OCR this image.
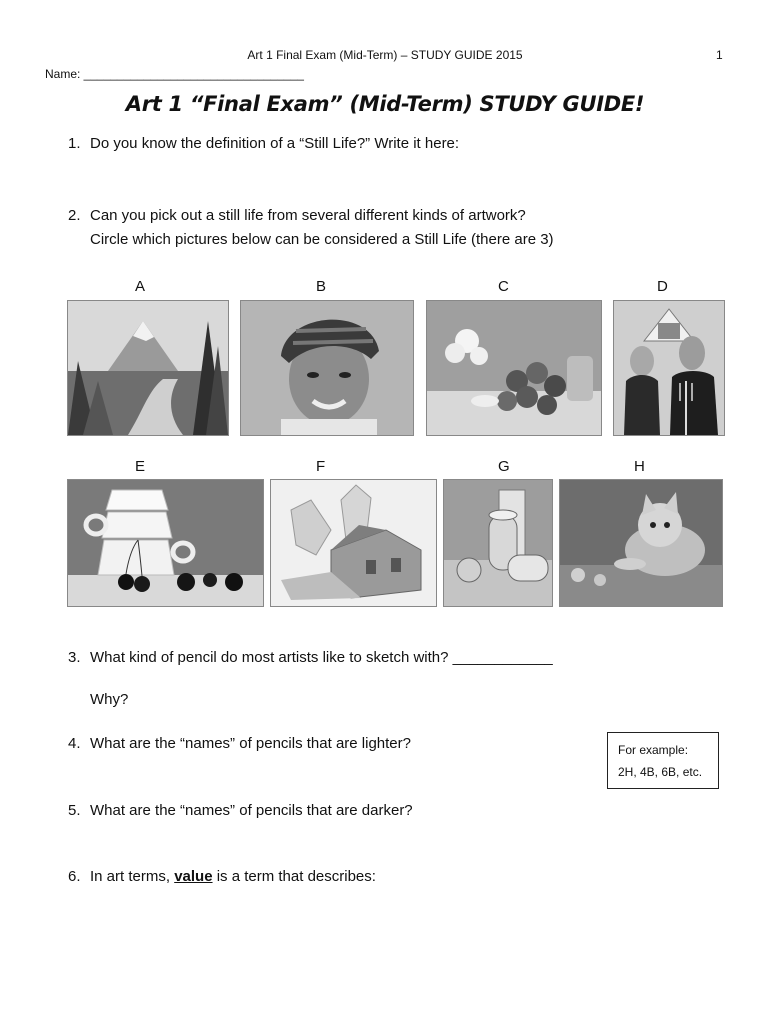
Art 1 Final Exam (Mid-Term) – STUDY GUIDE 2015	1
Name: _________________________________
Art 1 “Final Exam” (Mid-Term) STUDY GUIDE!
1. Do you know the definition of a “Still Life?” Write it here:
2. Can you pick out a still life from several different kinds of artwork?
Circle which pictures below can be considered a Still Life (there are 3)
A	B	C	D
E	F	G	H
3. What kind of pencil do most artists like to sketch with? ____________
Why?
4. What are the “names” of pencils that are lighter?	For example:
2H, 4B, 6B, etc.
5. What are the “names” of pencils that are darker?
6. In art terms, value is a term that describes:
